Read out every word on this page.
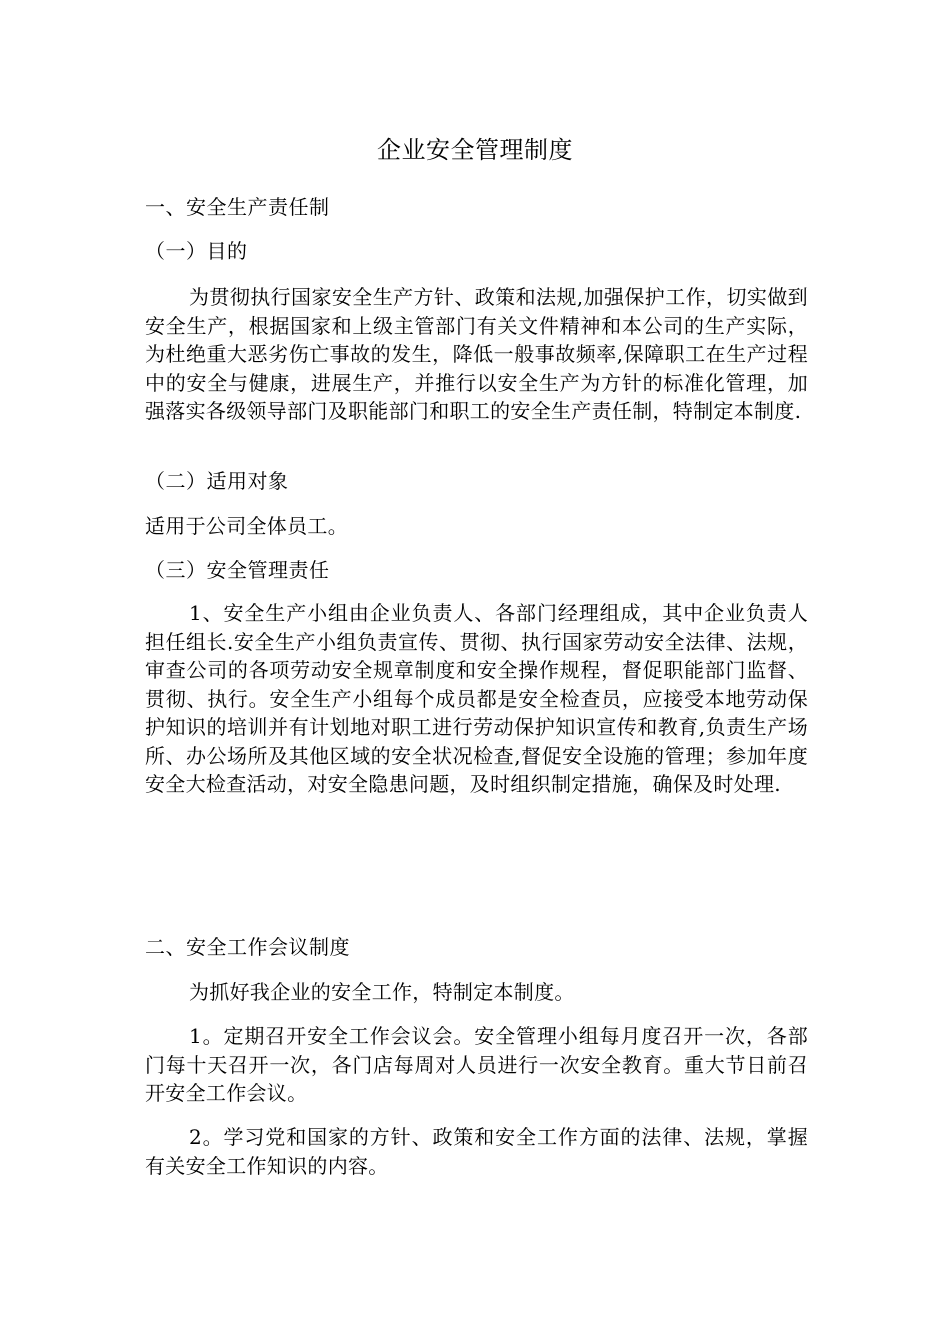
企业安全管理制度
一、安全生产责任制
（一）目的
为贯彻执行国家安全生产方针、政策和法规,加强保护工作，切实做到安全生产，根据国家和上级主管部门有关文件精神和本公司的生产实际，为杜绝重大恶劣伤亡事故的发生，降低一般事故频率,保障职工在生产过程中的安全与健康，进展生产，并推行以安全生产为方针的标准化管理，加强落实各级领导部门及职能部门和职工的安全生产责任制，特制定本制度.
（二）适用对象
适用于公司全体员工。
（三）安全管理责任
1、安全生产小组由企业负责人、各部门经理组成，其中企业负责人担任组长.安全生产小组负责宣传、贯彻、执行国家劳动安全法律、法规，审查公司的各项劳动安全规章制度和安全操作规程，督促职能部门监督、贯彻、执行。安全生产小组每个成员都是安全检查员，应接受本地劳动保护知识的培训并有计划地对职工进行劳动保护知识宣传和教育,负责生产场所、办公场所及其他区域的安全状况检查,督促安全设施的管理；参加年度安全大检查活动，对安全隐患问题，及时组织制定措施，确保及时处理.
二、安全工作会议制度
为抓好我企业的安全工作，特制定本制度。
1。定期召开安全工作会议会。安全管理小组每月度召开一次，各部门每十天召开一次，各门店每周对人员进行一次安全教育。重大节日前召开安全工作会议。
2。学习党和国家的方针、政策和安全工作方面的法律、法规，掌握有关安全工作知识的内容。
